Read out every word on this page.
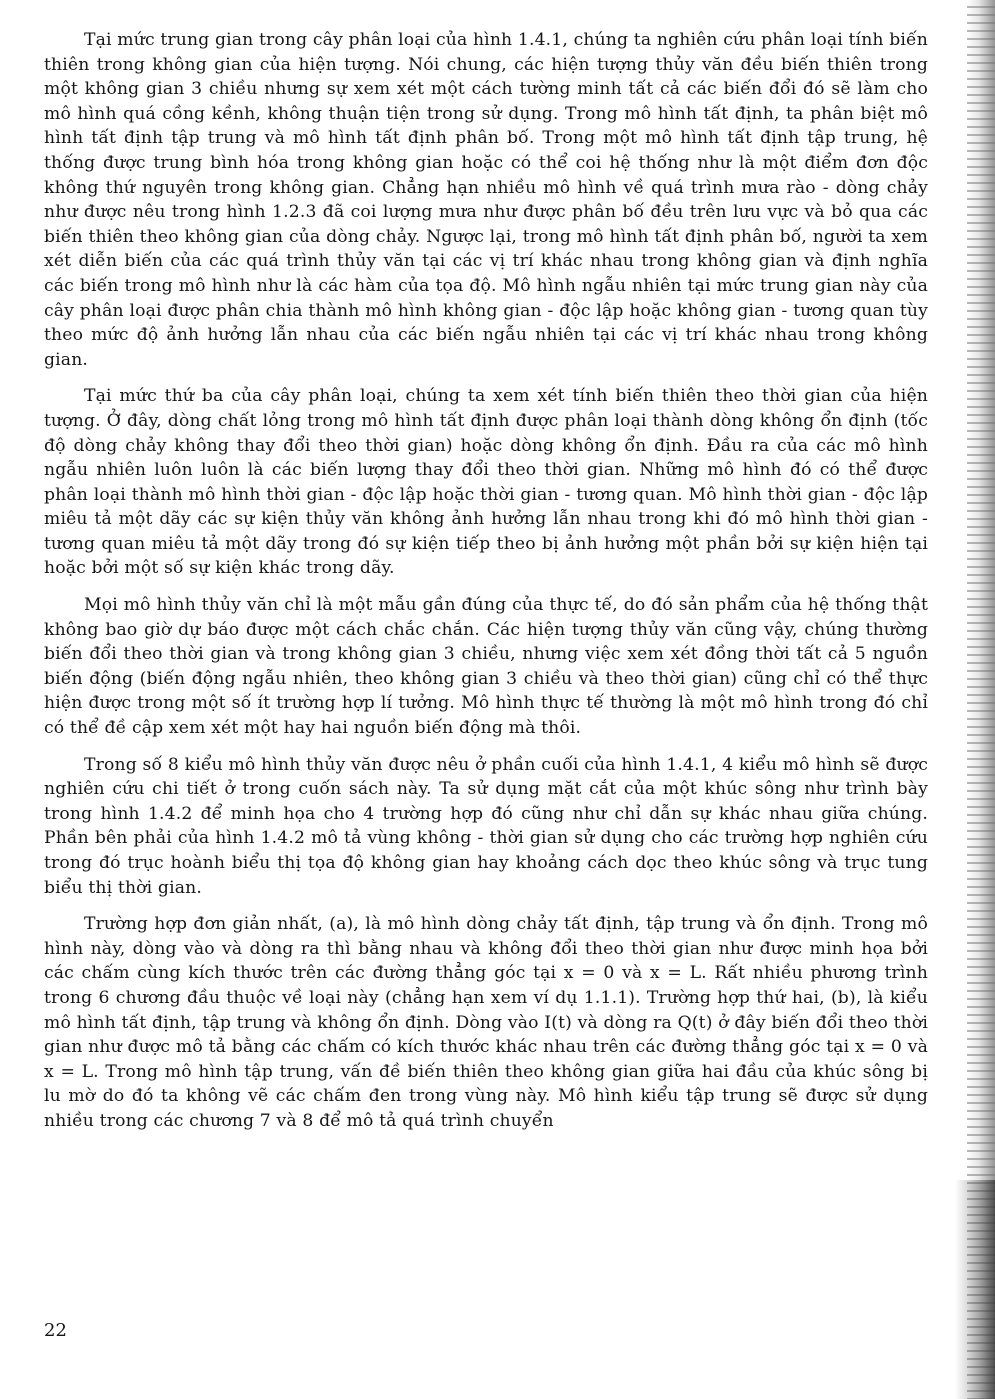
Tại mức trung gian trong cây phân loại của hình 1.4.1, chúng ta nghiên cứu phân loại tính biến thiên trong không gian của hiện tượng. Nói chung, các hiện tượng thủy văn đều biến thiên trong một không gian 3 chiều nhưng sự xem xét một cách tường minh tất cả các biến đổi đó sẽ làm cho mô hình quá cồng kềnh, không thuận tiện trong sử dụng. Trong mô hình tất định, ta phân biệt mô hình tất định tập trung và mô hình tất định phân bố. Trong một mô hình tất định tập trung, hệ thống được trung bình hóa trong không gian hoặc có thể coi hệ thống như là một điểm đơn độc không thứ nguyên trong không gian. Chẳng hạn nhiều mô hình về quá trình mưa rào - dòng chảy như được nêu trong hình 1.2.3 đã coi lượng mưa như được phân bố đều trên lưu vực và bỏ qua các biến thiên theo không gian của dòng chảy. Ngược lại, trong mô hình tất định phân bố, người ta xem xét diễn biến của các quá trình thủy văn tại các vị trí khác nhau trong không gian và định nghĩa các biến trong mô hình như là các hàm của tọa độ. Mô hình ngẫu nhiên tại mức trung gian này của cây phân loại được phân chia thành mô hình không gian - độc lập hoặc không gian - tương quan tùy theo mức độ ảnh hưởng lẫn nhau của các biến ngẫu nhiên tại các vị trí khác nhau trong không gian.

Tại mức thứ ba của cây phân loại, chúng ta xem xét tính biến thiên theo thời gian của hiện tượng. Ở đây, dòng chất lỏng trong mô hình tất định được phân loại thành dòng không ổn định (tốc độ dòng chảy không thay đổi theo thời gian) hoặc dòng không ổn định. Đầu ra của các mô hình ngẫu nhiên luôn luôn là các biến lượng thay đổi theo thời gian. Những mô hình đó có thể được phân loại thành mô hình thời gian - độc lập hoặc thời gian - tương quan. Mô hình thời gian - độc lập miêu tả một dãy các sự kiện thủy văn không ảnh hưởng lẫn nhau trong khi đó mô hình thời gian - tương quan miêu tả một dãy trong đó sự kiện tiếp theo bị ảnh hưởng một phần bởi sự kiện hiện tại hoặc bởi một số sự kiện khác trong dãy.

Mọi mô hình thủy văn chỉ là một mẫu gần đúng của thực tế, do đó sản phẩm của hệ thống thật không bao giờ dự báo được một cách chắc chắn. Các hiện tượng thủy văn cũng vậy, chúng thường biến đổi theo thời gian và trong không gian 3 chiều, nhưng việc xem xét đồng thời tất cả 5 nguồn biến động (biến động ngẫu nhiên, theo không gian 3 chiều và theo thời gian) cũng chỉ có thể thực hiện được trong một số ít trường hợp lí tưởng. Mô hình thực tế thường là một mô hình trong đó chỉ có thể đề cập xem xét một hay hai nguồn biến động mà thôi.

Trong số 8 kiểu mô hình thủy văn được nêu ở phần cuối của hình 1.4.1, 4 kiểu mô hình sẽ được nghiên cứu chi tiết ở trong cuốn sách này. Ta sử dụng mặt cắt của một khúc sông như trình bày trong hình 1.4.2 để minh họa cho 4 trường hợp đó cũng như chỉ dẫn sự khác nhau giữa chúng. Phần bên phải của hình 1.4.2 mô tả vùng không - thời gian sử dụng cho các trường hợp nghiên cứu trong đó trục hoành biểu thị tọa độ không gian hay khoảng cách dọc theo khúc sông và trục tung biểu thị thời gian.

Trường hợp đơn giản nhất, (a), là mô hình dòng chảy tất định, tập trung và ổn định. Trong mô hình này, dòng vào và dòng ra thì bằng nhau và không đổi theo thời gian như được minh họa bởi các chấm cùng kích thước trên các đường thẳng góc tại x = 0 và x = L. Rất nhiều phương trình trong 6 chương đầu thuộc về loại này (chẳng hạn xem ví dụ 1.1.1). Trường hợp thứ hai, (b), là kiểu mô hình tất định, tập trung và không ổn định. Dòng vào I(t) và dòng ra Q(t) ở đây biến đổi theo thời gian như được mô tả bằng các chấm có kích thước khác nhau trên các đường thẳng góc tại x = 0 và x = L. Trong mô hình tập trung, vấn đề biến thiên theo không gian giữa hai đầu của khúc sông bị lu mờ do đó ta không vẽ các chấm đen trong vùng này. Mô hình kiểu tập trung sẽ được sử dụng nhiều trong các chương 7 và 8 để mô tả quá trình chuyển

22
